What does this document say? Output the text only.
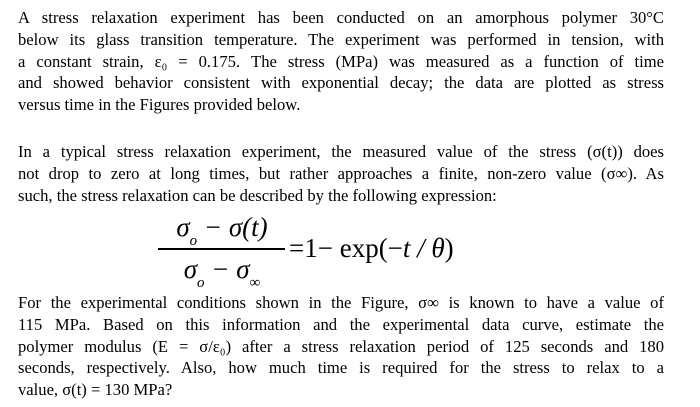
A stress relaxation experiment has been conducted on an amorphous polymer 30°C
below its glass transition temperature. The experiment was performed in tension, with
a constant strain, ε₀ = 0.175. The stress (MPa) was measured as a function of time
and showed behavior consistent with exponential decay; the data are plotted as stress
versus time in the Figures provided below.
In a typical stress relaxation experiment, the measured value of the stress (σ(t)) does
not drop to zero at long times, but rather approaches a finite, non-zero value (σ∞). As
such, the stress relaxation can be described by the following expression:
$\sigma_o - \sigma(t)$
$\sigma_o - \sigma_\infty$
=1− exp(−t / θ)
For the experimental conditions shown in the Figure, σ∞ is known to have a value of
115 MPa. Based on this information and the experimental data curve, estimate the
polymer modulus (E = σ/ε₀) after a stress relaxation period of 125 seconds and 180
seconds, respectively. Also, how much time is required for the stress to relax to a
value, σ(t) = 130 MPa?
